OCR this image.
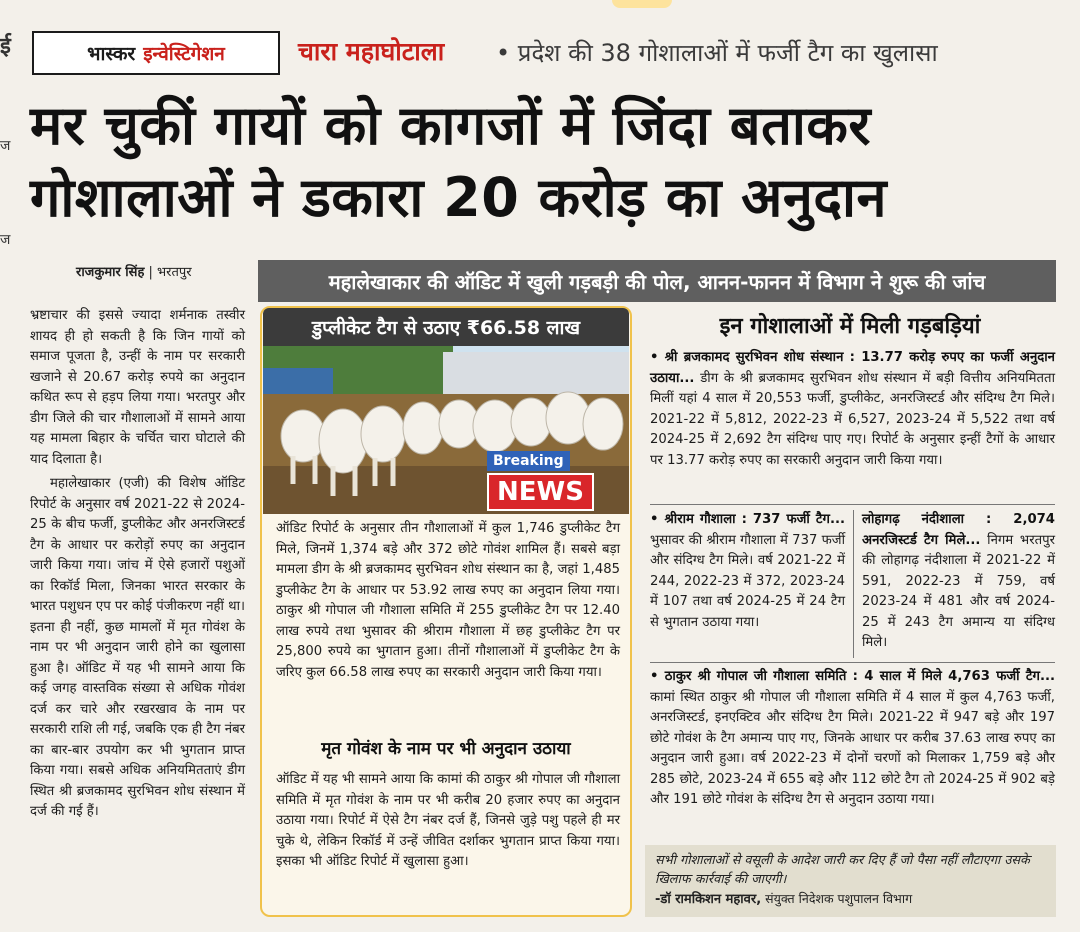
ई
ज
ज
भास्कर इन्वेस्टिगेशन	चारा महाघोटाला • प्रदेश की 38 गोशालाओं में फर्जी टैग का खुलासा
मर चुकीं गायों को कागजों में जिंदा बताकर
गोशालाओं ने डकारा 20 करोड़ का अनुदान
राजकुमार सिंह | भरतपुर	महालेखाकार की ऑडिट में खुली गड़बड़ी की पोल, आनन-फानन में विभाग ने शुरू की जांच
भ्रष्टाचार की इससे ज्यादा शर्मनाक तस्वीर शायद ही हो सकती है कि जिन गायों को समाज पूजता है, उन्हीं के नाम पर सरकारी खजाने से 20.67 करोड़ रुपये का अनुदान कथित रूप से हड़प लिया गया। भरतपुर और डीग जिले की चार गौशालाओं में सामने आया यह मामला बिहार के चर्चित चारा घोटाले की याद दिलाता है।
महालेखाकार (एजी) की विशेष ऑडिट रिपोर्ट के अनुसार वर्ष 2021-22 से 2024-25 के बीच फर्जी, डुप्लीकेट और अनरजिस्टर्ड टैग के आधार पर करोड़ों रुपए का अनुदान जारी किया गया। जांच में ऐसे हजारों पशुओं का रिकॉर्ड मिला, जिनका भारत सरकार के भारत पशुधन एप पर कोई पंजीकरण नहीं था। इतना ही नहीं, कुछ मामलों में मृत गोवंश के नाम पर भी अनुदान जारी होने का खुलासा हुआ है। ऑडिट में यह भी सामने आया कि कई जगह वास्तविक संख्या से अधिक गोवंश दर्ज कर चारे और रखरखाव के नाम पर सरकारी राशि ली गई, जबकि एक ही टैग नंबर का बार-बार उपयोग कर भी भुगतान प्राप्त किया गया। सबसे अधिक अनियमितताएं डीग स्थित श्री ब्रजकामद सुरभिवन शोध संस्थान में दर्ज की गई हैं।
डुप्लीकेट टैग से उठाए ₹66.58 लाख
Breaking
NEWS
ऑडिट रिपोर्ट के अनुसार तीन गौशालाओं में कुल 1,746 डुप्लीकेट टैग मिले, जिनमें 1,374 बड़े और 372 छोटे गोवंश शामिल हैं। सबसे बड़ा मामला डीग के श्री ब्रजकामद सुरभिवन शोध संस्थान का है, जहां 1,485 डुप्लीकेट टैग के आधार पर 53.92 लाख रुपए का अनुदान लिया गया। ठाकुर श्री गोपाल जी गौशाला समिति में 255 डुप्लीकेट टैग पर 12.40 लाख रुपये तथा भुसावर की श्रीराम गौशाला में छह डुप्लीकेट टैग पर 25,800 रुपये का भुगतान हुआ। तीनों गौशालाओं में डुप्लीकेट टैग के जरिए कुल 66.58 लाख रुपए का सरकारी अनुदान जारी किया गया।
मृत गोवंश के नाम पर भी अनुदान उठाया
ऑडिट में यह भी सामने आया कि कामां की ठाकुर श्री गोपाल जी गौशाला समिति में मृत गोवंश के नाम पर भी करीब 20 हजार रुपए का अनुदान उठाया गया। रिपोर्ट में ऐसे टैग नंबर दर्ज हैं, जिनसे जुड़े पशु पहले ही मर चुके थे, लेकिन रिकॉर्ड में उन्हें जीवित दर्शाकर भुगतान प्राप्त किया गया। इसका भी ऑडिट रिपोर्ट में खुलासा हुआ।
इन गोशालाओं में मिली गड़बड़ियां
• श्री ब्रजकामद सुरभिवन शोध संस्थान : 13.77 करोड़ रुपए का फर्जी अनुदान उठाया... डीग के श्री ब्रजकामद सुरभिवन शोध संस्थान में बड़ी वित्तीय अनियमितता मिलीं यहां 4 साल में 20,553 फर्जी, डुप्लीकेट, अनरजिस्टर्ड और संदिग्ध टैग मिले। 2021-22 में 5,812, 2022-23 में 6,527, 2023-24 में 5,522 तथा वर्ष 2024-25 में 2,692 टैग संदिग्ध पाए गए। रिपोर्ट के अनुसार इन्हीं टैगों के आधार पर 13.77 करोड़ रुपए का सरकारी अनुदान जारी किया गया।
• श्रीराम गौशाला : 737 फर्जी टैग... भुसावर की श्रीराम गौशाला में 737 फर्जी और संदिग्ध टैग मिले। वर्ष 2021-22 में 244, 2022-23 में 372, 2023-24 में 107 तथा वर्ष 2024-25 में 24 टैग से भुगतान उठाया गया।
लोहागढ़ नंदीशाला : 2,074 अनरजिस्टर्ड टैग मिले... निगम भरतपुर की लोहागढ़ नंदीशाला में 2021-22 में 591, 2022-23 में 759, वर्ष 2023-24 में 481 और वर्ष 2024-25 में 243 टैग अमान्य या संदिग्ध मिले।
• ठाकुर श्री गोपाल जी गौशाला समिति : 4 साल में मिले 4,763 फर्जी टैग... कामां स्थित ठाकुर श्री गोपाल जी गौशाला समिति में 4 साल में कुल 4,763 फर्जी, अनरजिस्टर्ड, इनएक्टिव और संदिग्ध टैग मिले। 2021-22 में 947 बड़े और 197 छोटे गोवंश के टैग अमान्य पाए गए, जिनके आधार पर करीब 37.63 लाख रुपए का अनुदान जारी हुआ। वर्ष 2022-23 में दोनों चरणों को मिलाकर 1,759 बड़े और 285 छोटे, 2023-24 में 655 बड़े और 112 छोटे टैग तो 2024-25 में 902 बड़े और 191 छोटे गोवंश के संदिग्ध टैग से अनुदान उठाया गया।
सभी गोशालाओं से वसूली के आदेश जारी कर दिए हैं जो पैसा नहीं लौटाएगा उसके खिलाफ कार्रवाई की जाएगी।
-डॉ रामकिशन महावर, संयुक्त निदेशक पशुपालन विभाग
